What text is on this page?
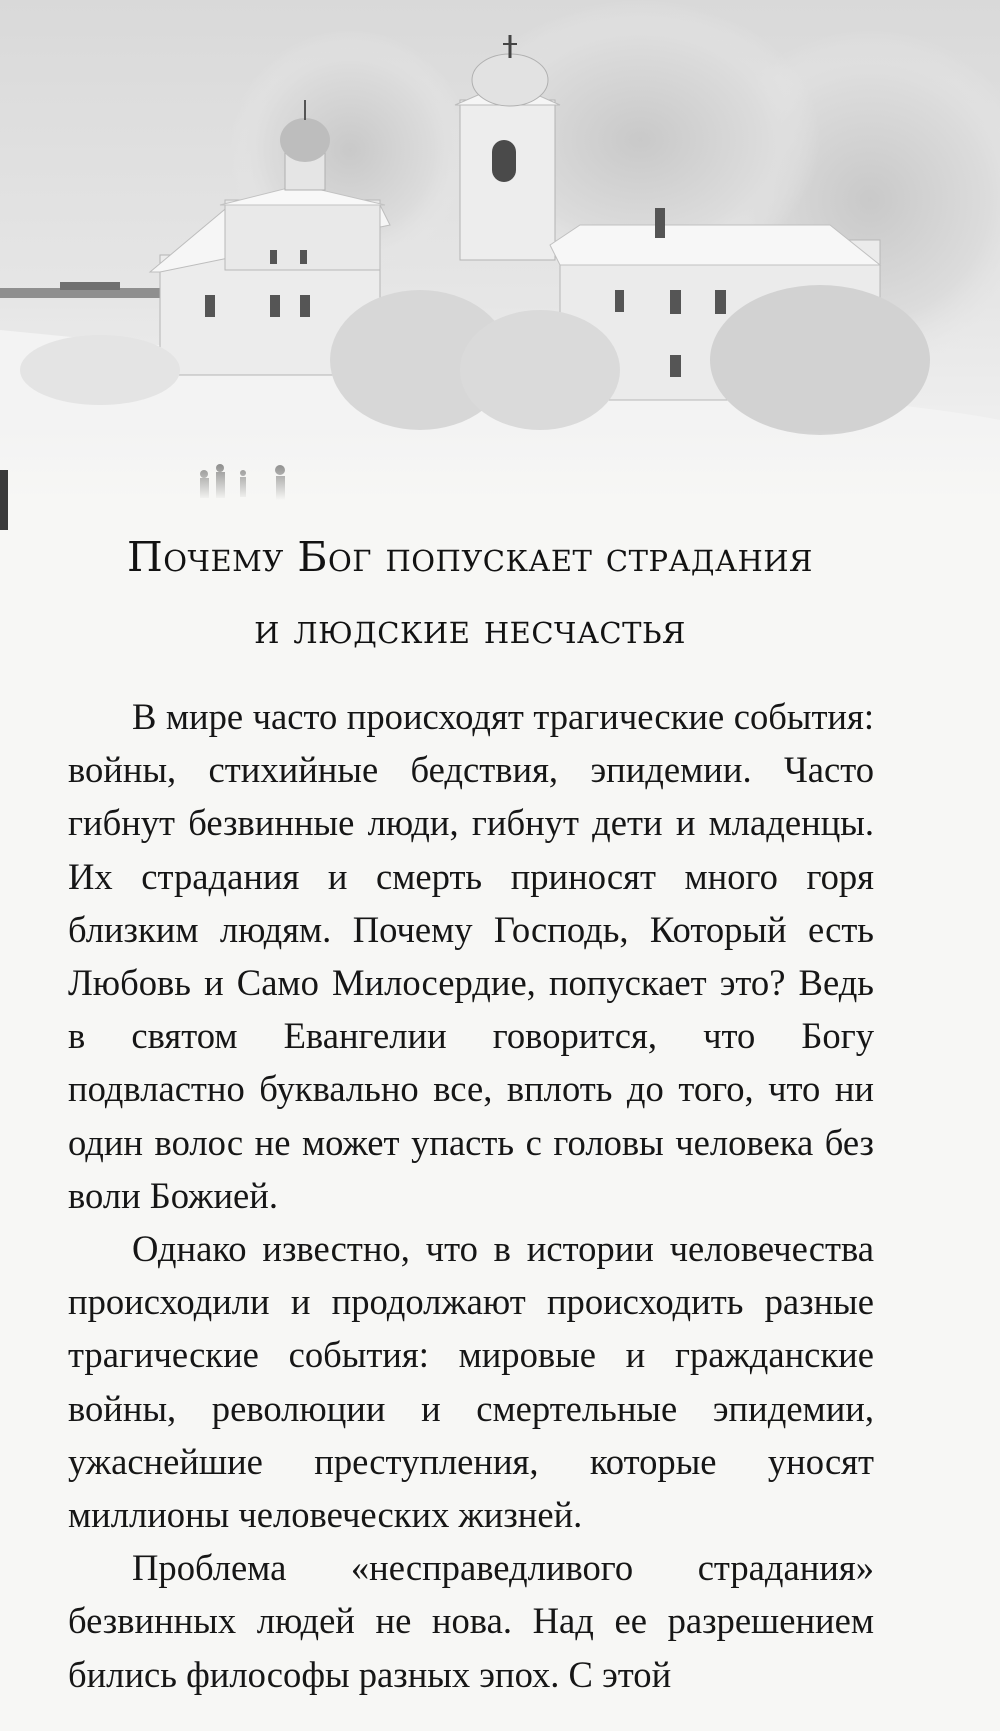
Почему Бог попускает страдания
и людские несчастья

В мире часто происходят трагические события: войны, стихийные бедствия, эпидемии. Часто гибнут безвинные люди, гибнут дети и младенцы. Их страдания и смерть приносят много горя близким людям. Почему Господь, Который есть Любовь и Само Милосердие, попускает это? Ведь в святом Евангелии говорится, что Богу подвластно буквально все, вплоть до того, что ни один волос не может упасть с головы человека без воли Божией.

Однако известно, что в истории человечества происходили и продолжают происходить разные трагические события: мировые и гражданские войны, революции и смертельные эпидемии, ужаснейшие преступления, которые уносят миллионы человеческих жизней.

Проблема «несправедливого страдания» безвинных людей не нова. Над ее разрешением бились философы разных эпох. С этой
